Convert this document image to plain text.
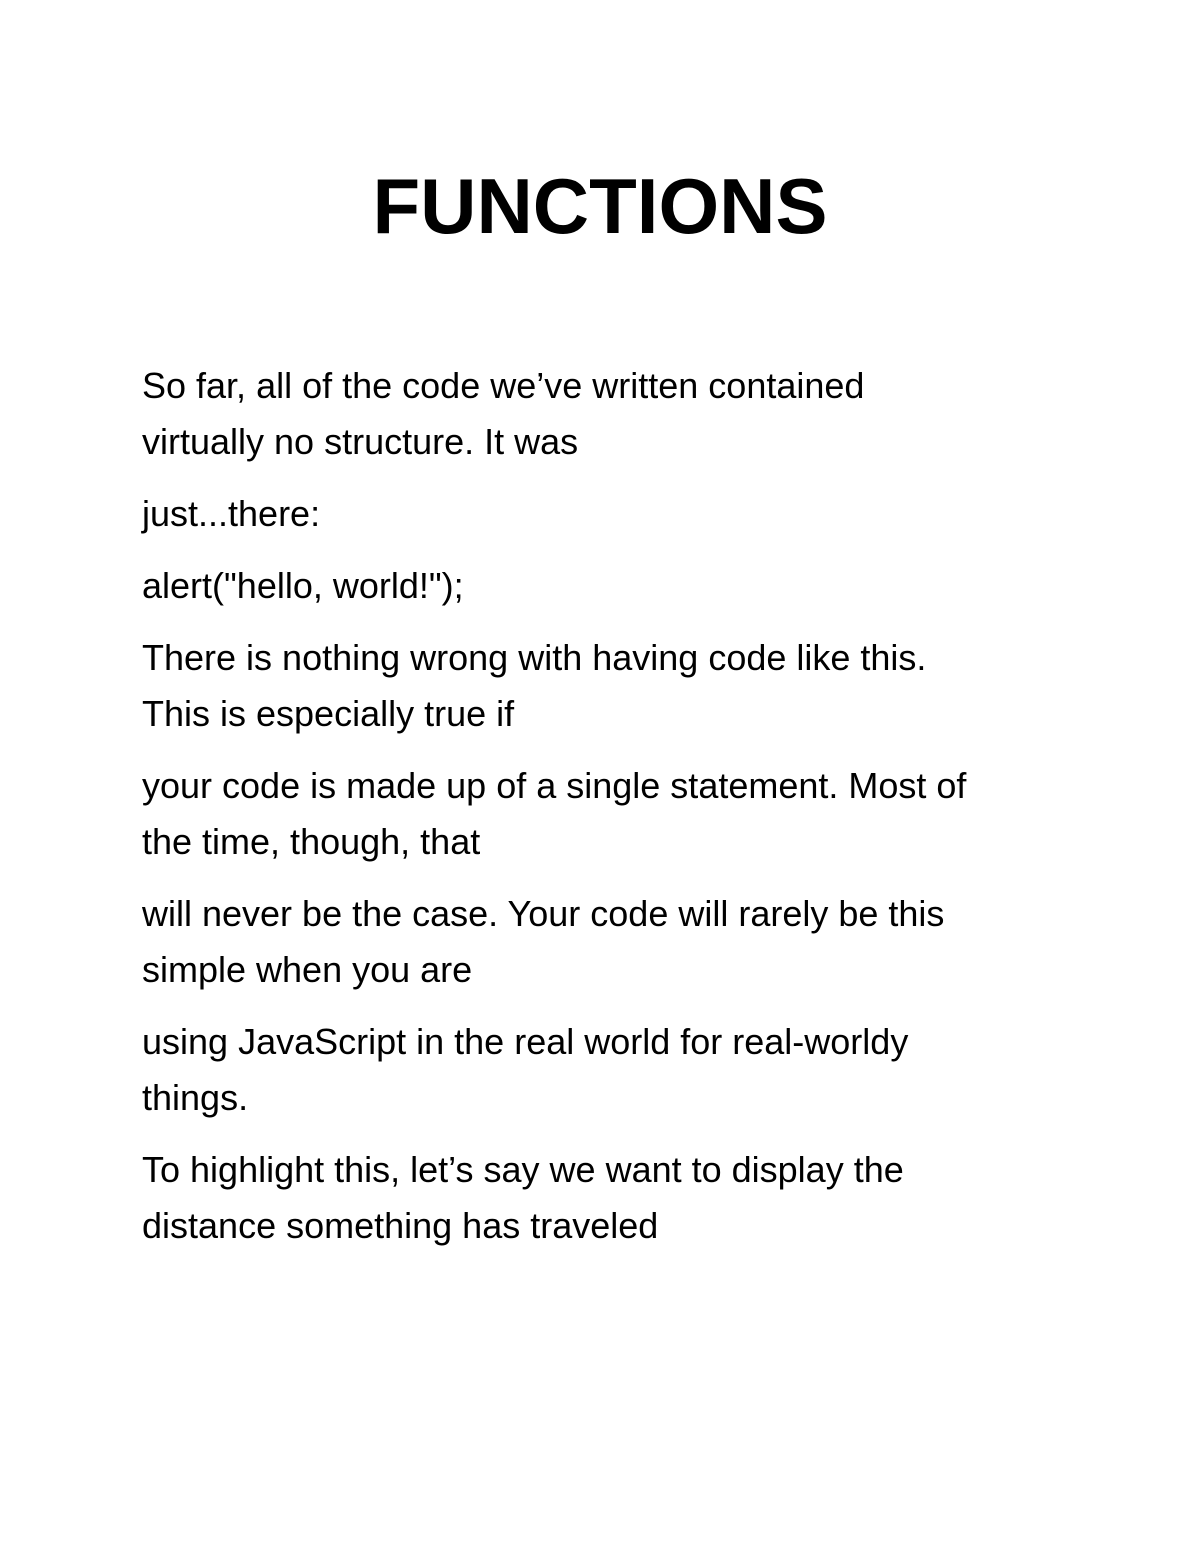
FUNCTIONS

So far, all of the code we’ve written contained
virtually no structure. It was

just...there:

alert("hello, world!");

There is nothing wrong with having code like this.
This is especially true if

your code is made up of a single statement. Most of
the time, though, that

will never be the case. Your code will rarely be this
simple when you are

using JavaScript in the real world for real-worldy
things.

To highlight this, let’s say we want to display the
distance something has traveled
